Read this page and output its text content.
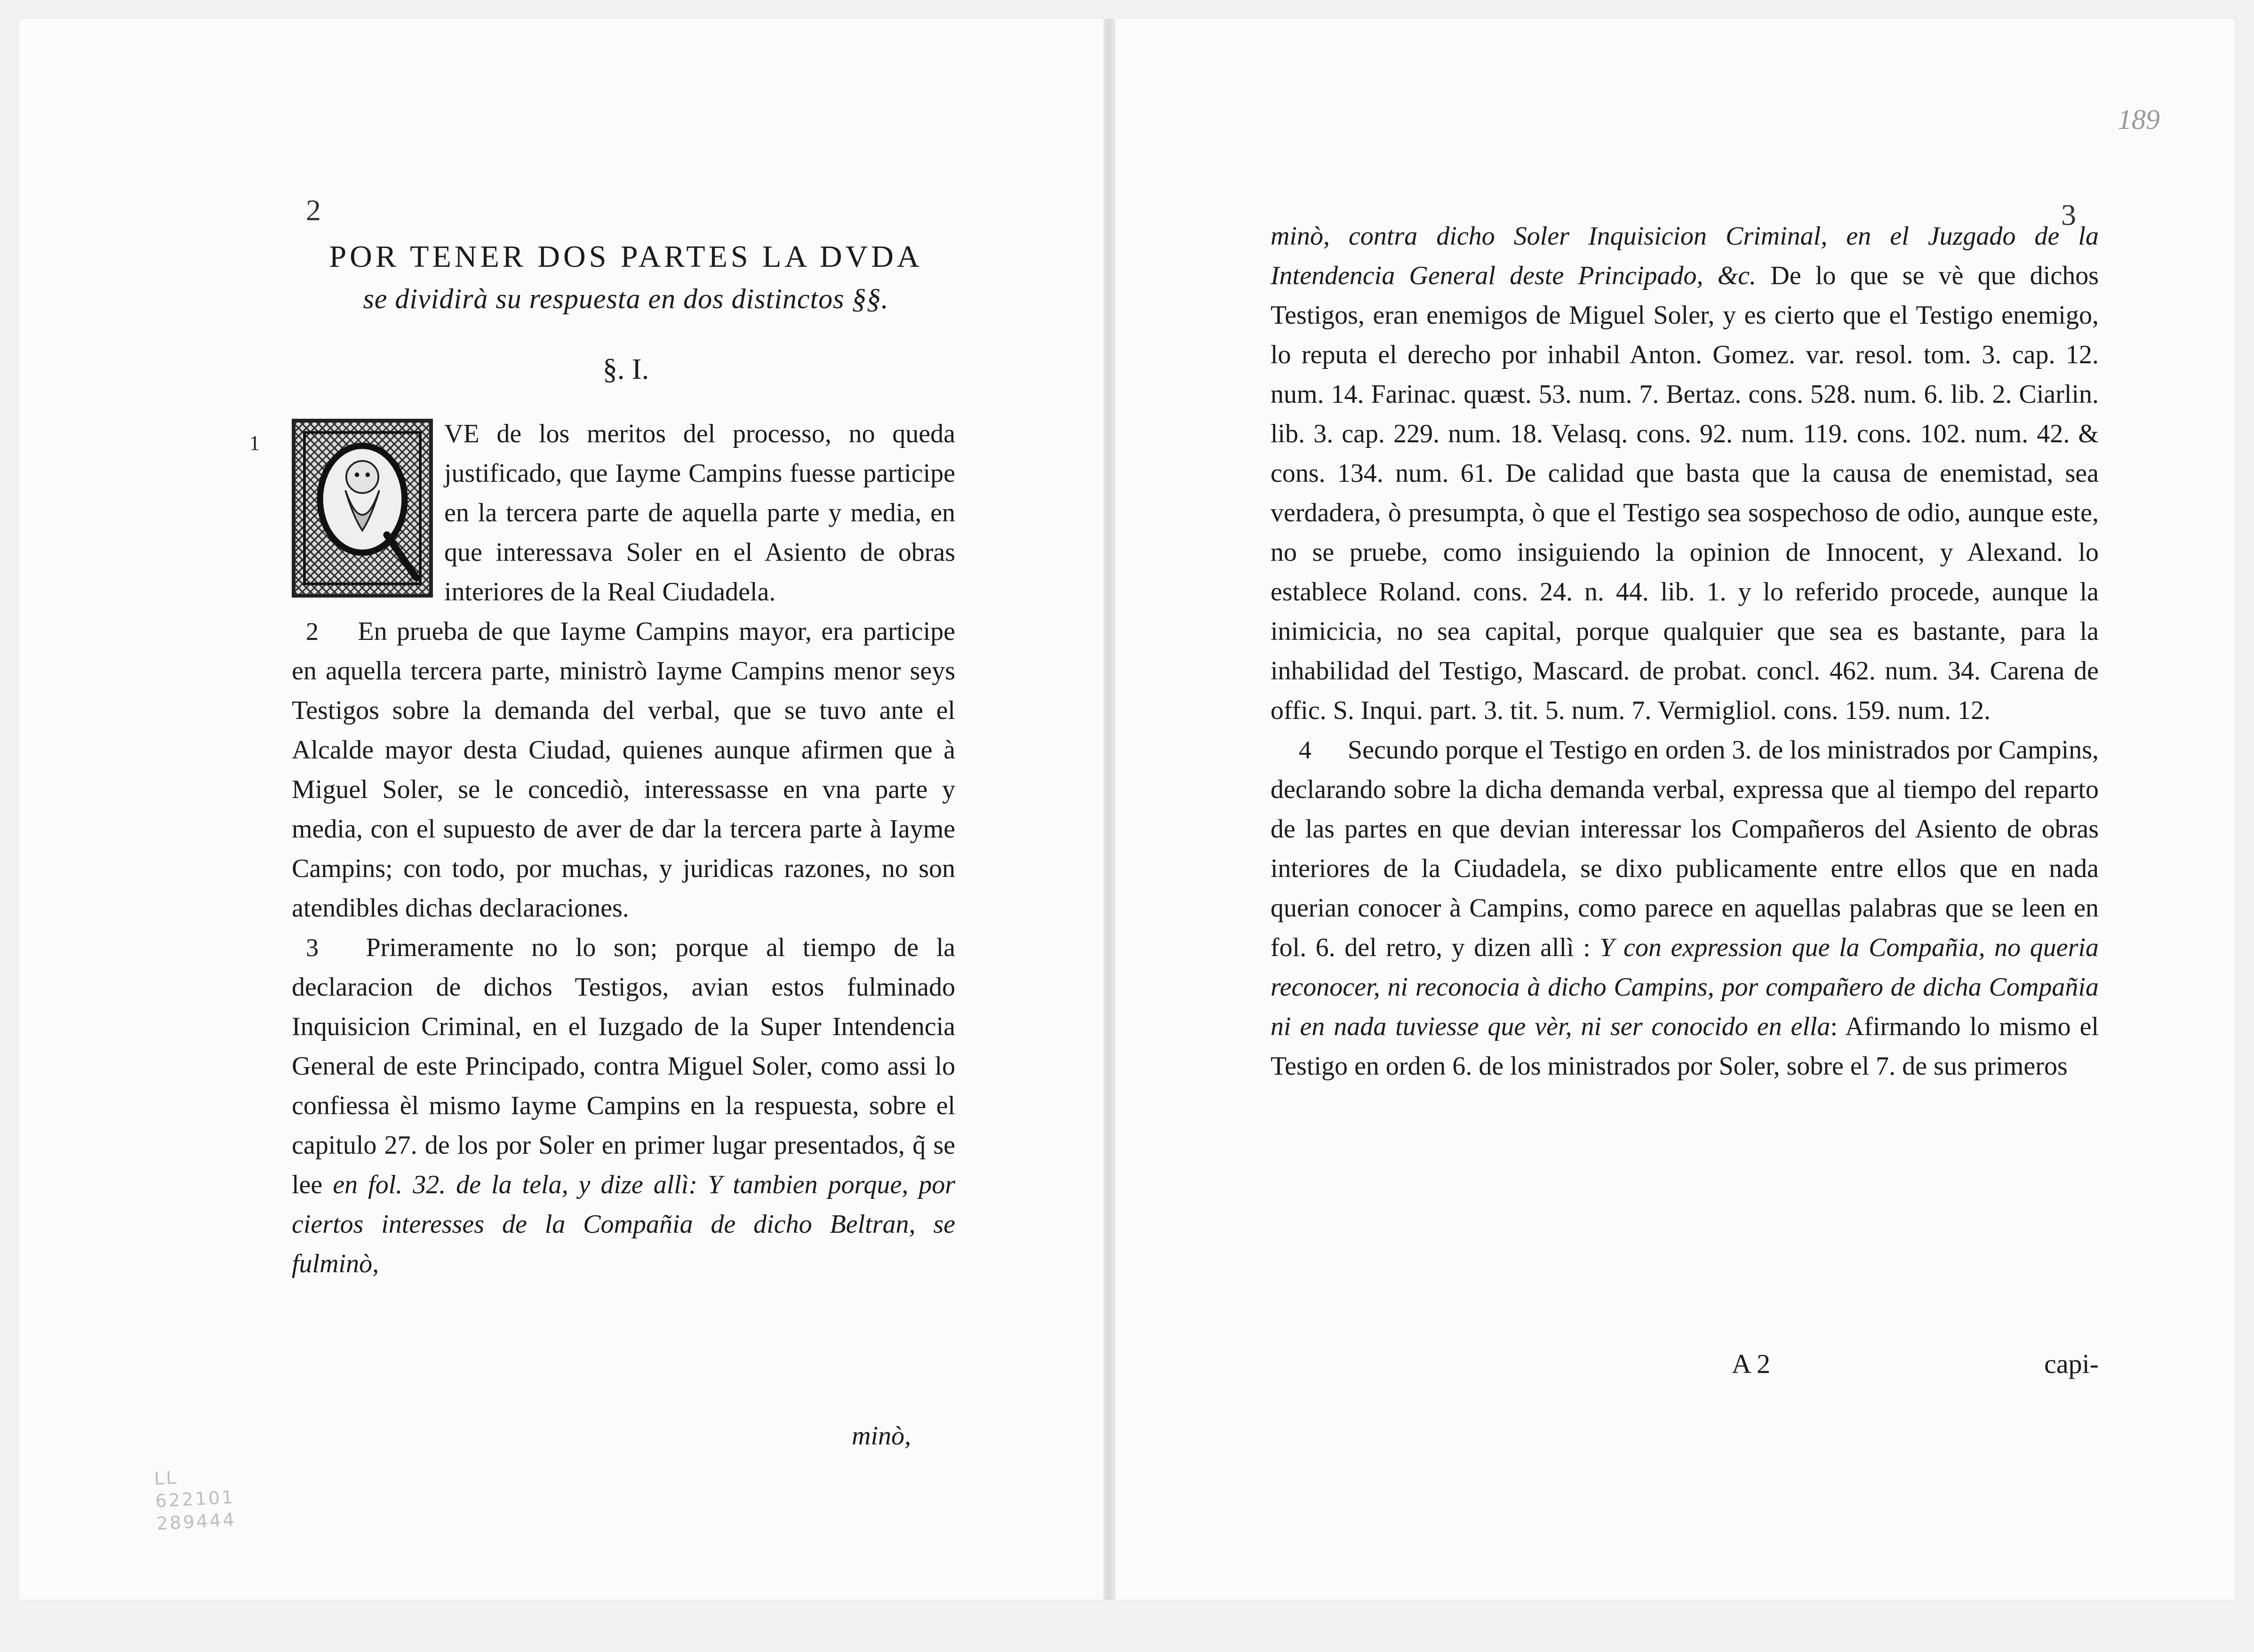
2	3
189

minò, contra dicho Soler Inquisicion Criminal, en el Juzgado de la Intendencia General deste Principado, &c. De lo que se vè que dichos Testigos, eran enemigos de Miguel Soler, y es cierto que el Testigo enemigo, lo reputa el derecho por inhabil Anton. Gomez. var. resol. tom. 3. cap. 12. num. 14. Farinac. quæst. 53. num. 7. Bertaz. cons. 528. num. 6. lib. 2. Ciarlin. lib. 3. cap. 229. num. 18. Velasq. cons. 92. num. 119. cons. 102. num. 42. & cons. 134. num. 61. De calidad que basta que la causa de enemistad, sea verdadera, ò presumpta, ò que el Testigo sea sospechoso de odio, aunque este, no se pruebe, como insiguiendo la opinion de Innocent, y Alexand. lo establece Roland. cons. 24. n. 44. lib. 1. y lo referido procede, aunque la inimicicia, no sea capital, porque qualquier que sea es bastante, para la inhabilidad del Testigo, Mascard. de probat. concl. 462. num. 34. Carena de offic. S. Inqui. part. 3. tit. 5. num. 7. Vermigliol. cons. 159. num. 12.

4 Secundo porque el Testigo en orden 3. de los ministrados por Campins, declarando sobre la dicha demanda verbal, expressa que al tiempo del reparto de las partes en que devian interessar los Compañeros del Asiento de obras interiores de la Ciudadela, se dixo publicamente entre ellos que en nada querian conocer à Campins, como parece en aquellas palabras que se leen en fol. 6. del retro, y dizen allì : Y con expression que la Compañia, no queria reconocer, ni reconocia à dicho Campins, por compañero de dicha Compañia ni en nada tuviesse que vèr, ni ser conocido en ella: Afirmando lo mismo el Testigo en orden 6. de los ministrados por Soler, sobre el 7. de sus primeros

A 2	capi-
POR TENER DOS PARTES LA DVDA
se dividirà su respuesta en dos distinctos §§.
§. I.

1
Q
VE de los meritos del processo, no queda justificado, que Iayme Campins fuesse participe en la tercera parte de aquella parte y media, en que interessava Soler en el Asiento de obras interiores de la Real Ciudadela.

2 En prueba de que Iayme Campins mayor, era participe en aquella tercera parte, ministrò Iayme Campins menor seys Testigos sobre la demanda del verbal, que se tuvo ante el Alcalde mayor desta Ciudad, quienes aunque afirmen que à Miguel Soler, se le concediò, interessasse en vna parte y media, con el supuesto de aver de dar la tercera parte à Iayme Campins; con todo, por muchas, y juridicas razones, no son atendibles dichas declaraciones.

3 Primeramente no lo son; porque al tiempo de la declaracion de dichos Testigos, avian estos fulminado Inquisicion Criminal, en el Iuzgado de la Super Intendencia General de este Principado, contra Miguel Soler, como assi lo confiessa èl mismo Iayme Campins en la respuesta, sobre el capitulo 27. de los por Soler en primer lugar presentados, q̃ se lee en fol. 32. de la tela, y dize allì: Y tambien porque, por ciertos interesses de la Compañia de dicho Beltran, se fulminò,

minò,
LL
622101
289444
